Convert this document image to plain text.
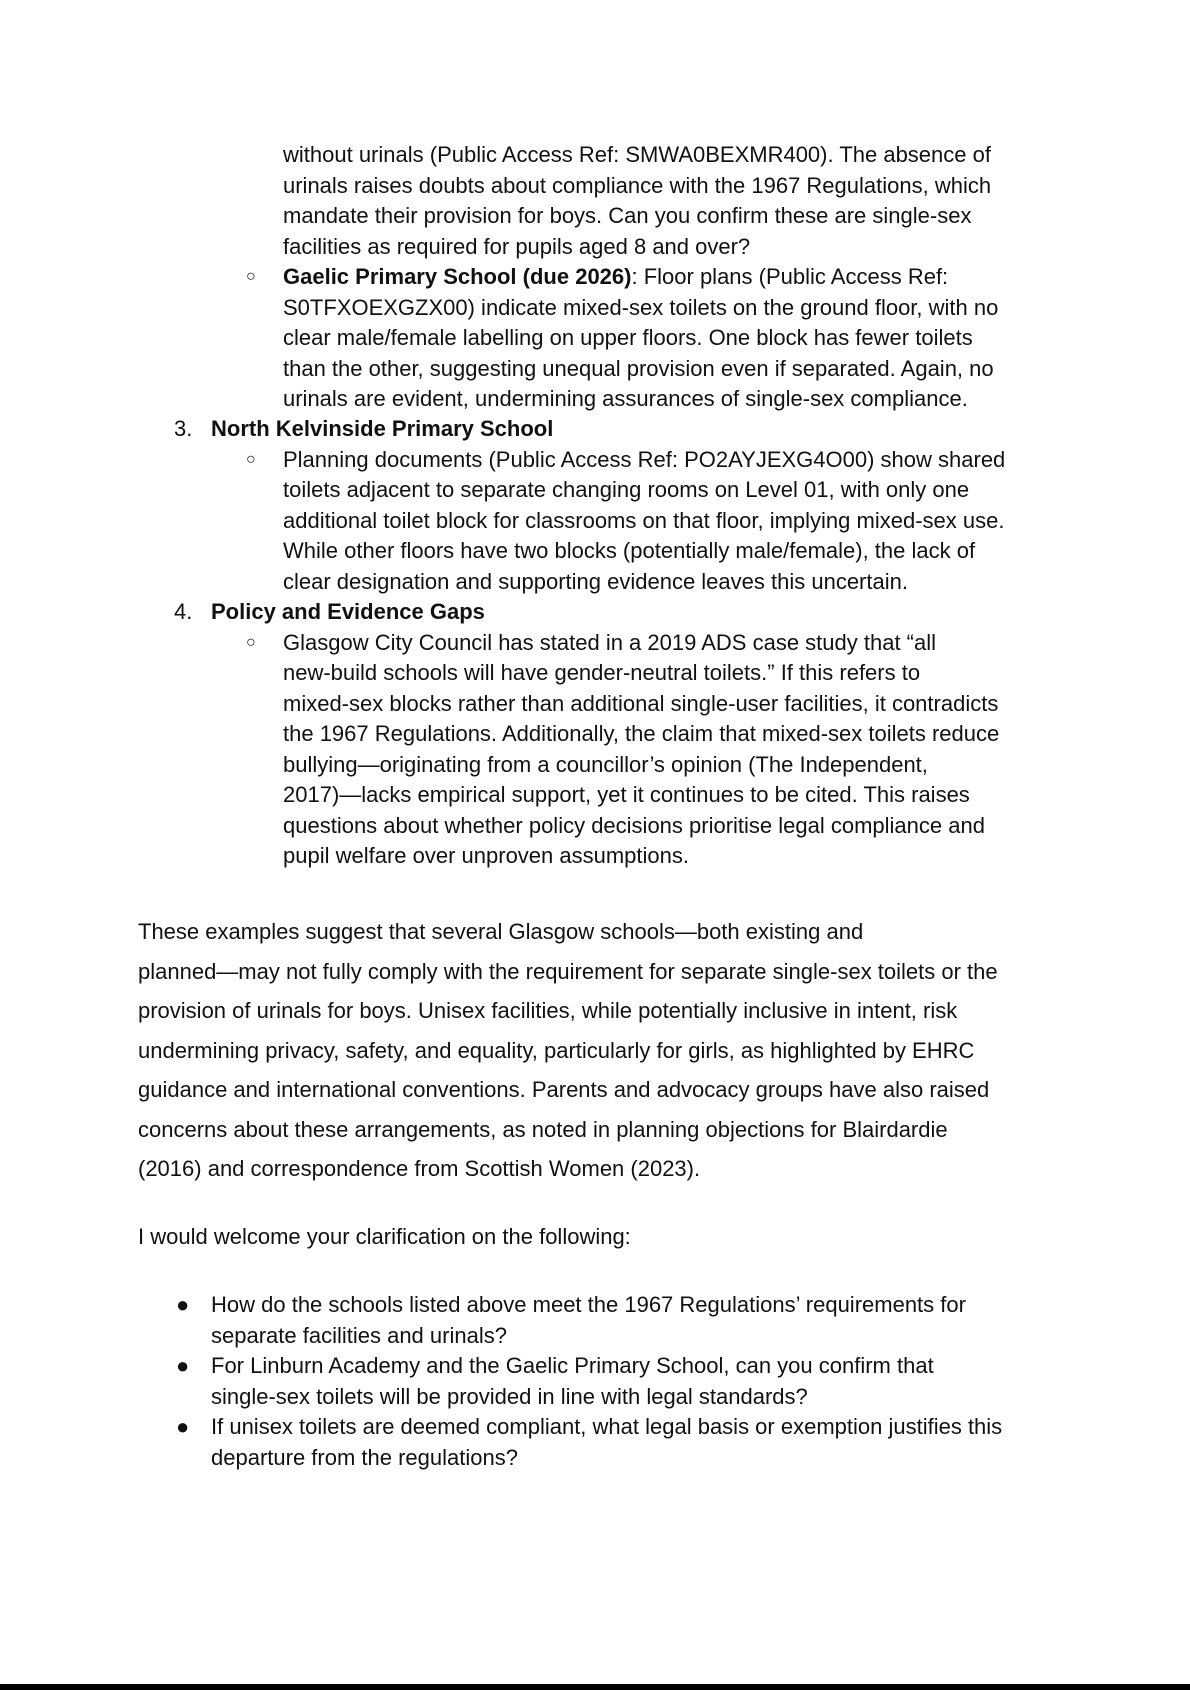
without urinals (Public Access Ref: SMWA0BEXMR400). The absence of
urinals raises doubts about compliance with the 1967 Regulations, which
mandate their provision for boys. Can you confirm these are single-sex
facilities as required for pupils aged 8 and over?
○ Gaelic Primary School (due 2026): Floor plans (Public Access Ref:
S0TFXOEXGZX00) indicate mixed-sex toilets on the ground floor, with no
clear male/female labelling on upper floors. One block has fewer toilets
than the other, suggesting unequal provision even if separated. Again, no
urinals are evident, undermining assurances of single-sex compliance.
3. North Kelvinside Primary School
○ Planning documents (Public Access Ref: PO2AYJEXG4O00) show shared
toilets adjacent to separate changing rooms on Level 01, with only one
additional toilet block for classrooms on that floor, implying mixed-sex use.
While other floors have two blocks (potentially male/female), the lack of
clear designation and supporting evidence leaves this uncertain.
4. Policy and Evidence Gaps
○ Glasgow City Council has stated in a 2019 ADS case study that “all
new-build schools will have gender-neutral toilets.” If this refers to
mixed-sex blocks rather than additional single-user facilities, it contradicts
the 1967 Regulations. Additionally, the claim that mixed-sex toilets reduce
bullying—originating from a councillor’s opinion (The Independent,
2017)—lacks empirical support, yet it continues to be cited. This raises
questions about whether policy decisions prioritise legal compliance and
pupil welfare over unproven assumptions.
These examples suggest that several Glasgow schools—both existing and
planned—may not fully comply with the requirement for separate single-sex toilets or the
provision of urinals for boys. Unisex facilities, while potentially inclusive in intent, risk
undermining privacy, safety, and equality, particularly for girls, as highlighted by EHRC
guidance and international conventions. Parents and advocacy groups have also raised
concerns about these arrangements, as noted in planning objections for Blairdardie
(2016) and correspondence from Scottish Women (2023).
I would welcome your clarification on the following:
● How do the schools listed above meet the 1967 Regulations’ requirements for
separate facilities and urinals?
● For Linburn Academy and the Gaelic Primary School, can you confirm that
single-sex toilets will be provided in line with legal standards?
● If unisex toilets are deemed compliant, what legal basis or exemption justifies this
departure from the regulations?
